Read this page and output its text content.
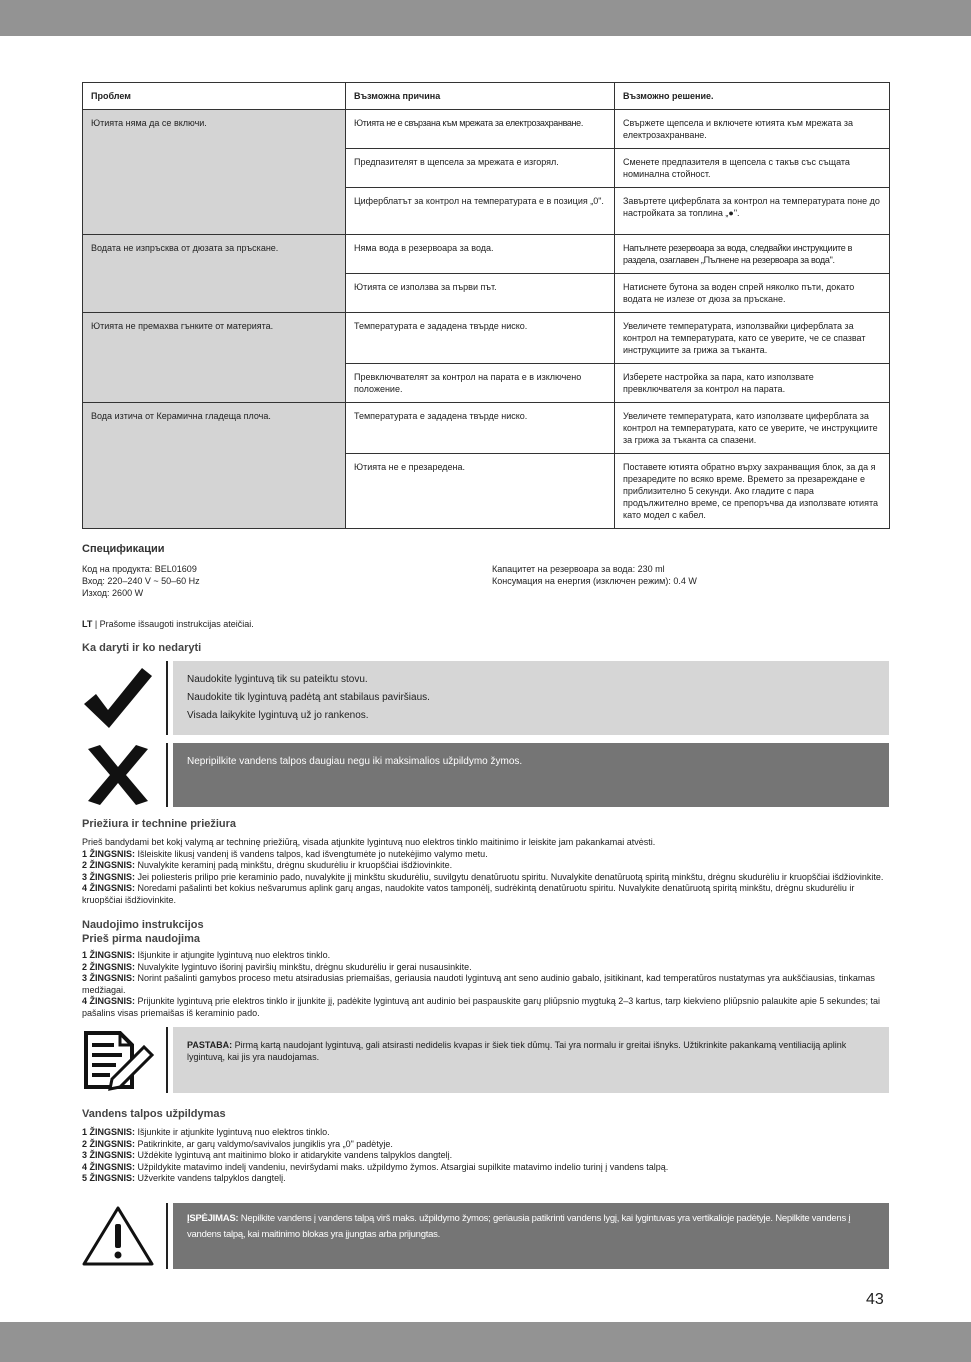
Проблем	Възможна причина	Възможно решение.
Ютията няма да се включи.	Ютията не е свързана към мрежата за електрозахранване.	Свържете щепсела и включете ютията към мрежата за електрозахранване.
	Предпазителят в щепсела за мрежата е изгорял.	Сменете предпазителя в щепсела с такъв със същата номинална стойност.
	Циферблатът за контрол на температурата е в позиция „0".	Завъртете циферблата за контрол на температурата поне до настройката за топлина „●".
Водата не изпръсква от дюзата за пръскане.	Няма вода в резервоара за вода.	Напълнете резервоара за вода, следвайки инструкциите в раздела, озаглавен „Пълнене на резервоара за вода".
	Ютията се използва за първи път.	Натиснете бутона за воден спрей няколко пъти, докато водата не излезе от дюза за пръскане.
Ютията не премахва гънките от материята.	Температурата е зададена твърде ниско.	Увеличете температурата, използвайки циферблата за контрол на температурата, като се уверите, че се спазват инструкциите за грижа за тъканта.
	Превключвателят за контрол на парата е в изключено положение.	Изберете настройка за пара, като използвате превключвателя за контрол на парата.
Вода изтича от Керамична гладеща плоча.	Температурата е зададена твърде ниско.	Увеличете температурата, като използвате циферблата за контрол на температурата, като се уверите, че инструкциите за грижа за тъканта са спазени.
	Ютията не е презаредена.	Поставете ютията обратно върху захранващия блок, за да я презаредите по всяко време. Времето за презареждане е приблизително 5 секунди. Ако гладите с пара продължително време, се препоръчва да използвате ютията като модел с кабел.
Спецификации
Код на продукта: BEL01609
Вход: 220–240 V ~ 50–60 Hz
Изход: 2600 W
Капацитет на резервоара за вода: 230 ml
Консумация на енергия (изключен режим): 0.4 W
LT | Prašome išsaugoti instrukcijas ateičiai.
Ka daryti ir ko nedaryti
Naudokite lygintuvą tik su pateiktu stovu.
Naudokite tik lygintuvą padėtą ant stabilaus paviršiaus.
Visada laikykite lygintuvą už jo rankenos.
Nepripilkite vandens talpos daugiau negu iki maksimalios užpildymo žymos.
Priežiura ir technine priežiura
Prieš bandydami bet kokį valymą ar techninę priežiūrą, visada atjunkite lygintuvą nuo elektros tinklo maitinimo ir leiskite jam pakankamai atvėsti.
1 ŽINGSNIS: Išleiskite likusį vandenį iš vandens talpos, kad išvengtumėte jo nutekėjimo valymo metu.
2 ŽINGSNIS: Nuvalykite keraminį padą minkštu, drėgnu skudurėliu ir kruopščiai išdžiovinkite.
3 ŽINGSNIS: Jei poliesteris prilipo prie keraminio pado, nuvalykite jį minkštu skudurėliu, suvilgytu denatūruotu spiritu. Nuvalykite denatūruotą spiritą minkštu, drėgnu skudurėliu ir kruopščiai išdžiovinkite.
4 ŽINGSNIS: Noredami pašalinti bet kokius nešvarumus aplink garų angas, naudokite vatos tamponėlį, sudrėkintą denatūruotu spiritu. Nuvalykite denatūruotą spiritą minkštu, drėgnu skudurėliu ir kruopščiai išdžiovinkite.
Naudojimo instrukcijos
Prieš pirma naudojima
1 ŽINGSNIS: Išjunkite ir atjungite lygintuvą nuo elektros tinklo.
2 ŽINGSNIS: Nuvalykite lygintuvo išorinį paviršių minkštu, drėgnu skudurėliu ir gerai nusausinkite.
3 ŽINGSNIS: Norint pašalinti gamybos proceso metu atsiradusias priemaišas, geriausia naudoti lygintuvą ant seno audinio gabalo, įsitikinant, kad temperatūros nustatymas yra aukščiausias, tinkamas medžiagai.
4 ŽINGSNIS: Prijunkite lygintuvą prie elektros tinklo ir įjunkite jį, padėkite lygintuvą ant audinio bei paspauskite garų pliūpsnio mygtuką 2–3 kartus, tarp kiekvieno pliūpsnio palaukite apie 5 sekundes; tai pašalins visas priemaišas iš keraminio pado.
PASTABA: Pirmą kartą naudojant lygintuvą, gali atsirasti nedidelis kvapas ir šiek tiek dūmų. Tai yra normalu ir greitai išnyks. Užtikrinkite pakankamą ventiliaciją aplink lygintuvą, kai jis yra naudojamas.
Vandens talpos užpildymas
1 ŽINGSNIS: Išjunkite ir atjunkite lygintuvą nuo elektros tinklo.
2 ŽINGSNIS: Patikrinkite, ar garų valdymo/savivalos jungiklis yra „0" padėtyje.
3 ŽINGSNIS: Uždėkite lygintuvą ant maitinimo bloko ir atidarykite vandens talpyklos dangtelį.
4 ŽINGSNIS: Užpildykite matavimo indelį vandeniu, neviršydami maks. užpildymo žymos. Atsargiai supilkite matavimo indelio turinį į vandens talpą.
5 ŽINGSNIS: Užverkite vandens talpyklos dangtelį.
ĮSPĖJIMAS: Nepilkite vandens į vandens talpą virš maks. užpildymo žymos; geriausia patikrinti vandens lygį, kai lygintuvas yra vertikalioje padėtyje. Nepilkite vandens į vandens talpą, kai maitinimo blokas yra įjungtas arba prijungtas.
43
